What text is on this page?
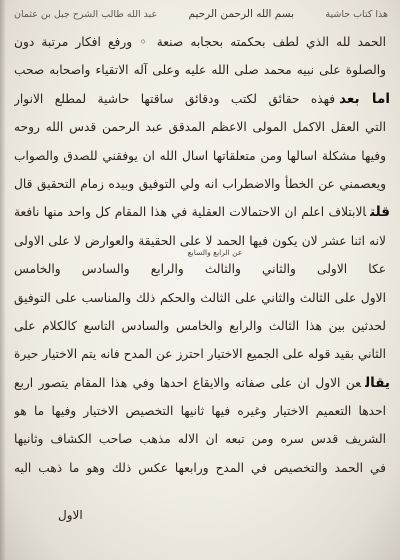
هذا كتاب حاشية
بسم الله الرحمن الرحيم
عبد الله طالب الشرح جبل بن عثمان
الحمد لله الذي لطف بحكمته بحجابه صنعة ◦ ورفع افكار مرتبة دون
والصلوة على نبيه محمد صلى الله عليه وعلى آله الاتقياء واصحابه صحب
اما بعدفهذه حقائق لكتب ودقائق ساقتها حاشية لمطلع الانوار
التي العقل الاكمل المولى الاعظم المدقق عبد الرحمن قدس الله روحه
وفيها مشكلة اسالها ومن متعلقاتها اسال الله ان يوفقني للصدق والصواب
ويعصمني عن الخطأ والاضطراب انه ولي التوفيق وبيده زمام التحقيق قال
قلتالابتلاف اعلم ان الاحتمالات العقلية في هذا المقام كل واحد منها نافعة
لانه اثنا عشر لان يكون فيها الحمد لا على الحقيقة والعوارض لا على الاولى
عكا الاولى والثاني والثالث والرابع والسادس والخامس
الاول على الثالث والثاني على الثالث والحكم ذلك والمناسب على التوفيق
لحدثين بين هذا الثالث والرابع والخامس والسادس التاسع كالكلام على
الثاني بقيد قوله على الجميع الاختيار احترز عن المدح فانه يتم الاختيار حيرة
يقالعن الاول ان على صفاته والايقاع احدها وفي هذا المقام يتصور اربع
احدها التعميم الاختيار وغيره فيها ثانيها التخصيص الاختيار وفيها ما هو
الشريف قدس سره ومن تبعه ان الاله مذهب صاحب الكشاف وثانيها
في الحمد والتخصيص في المدح ورابعها عكس ذلك وهو ما ذهب اليه
عن الرابع والسابع
الاول
